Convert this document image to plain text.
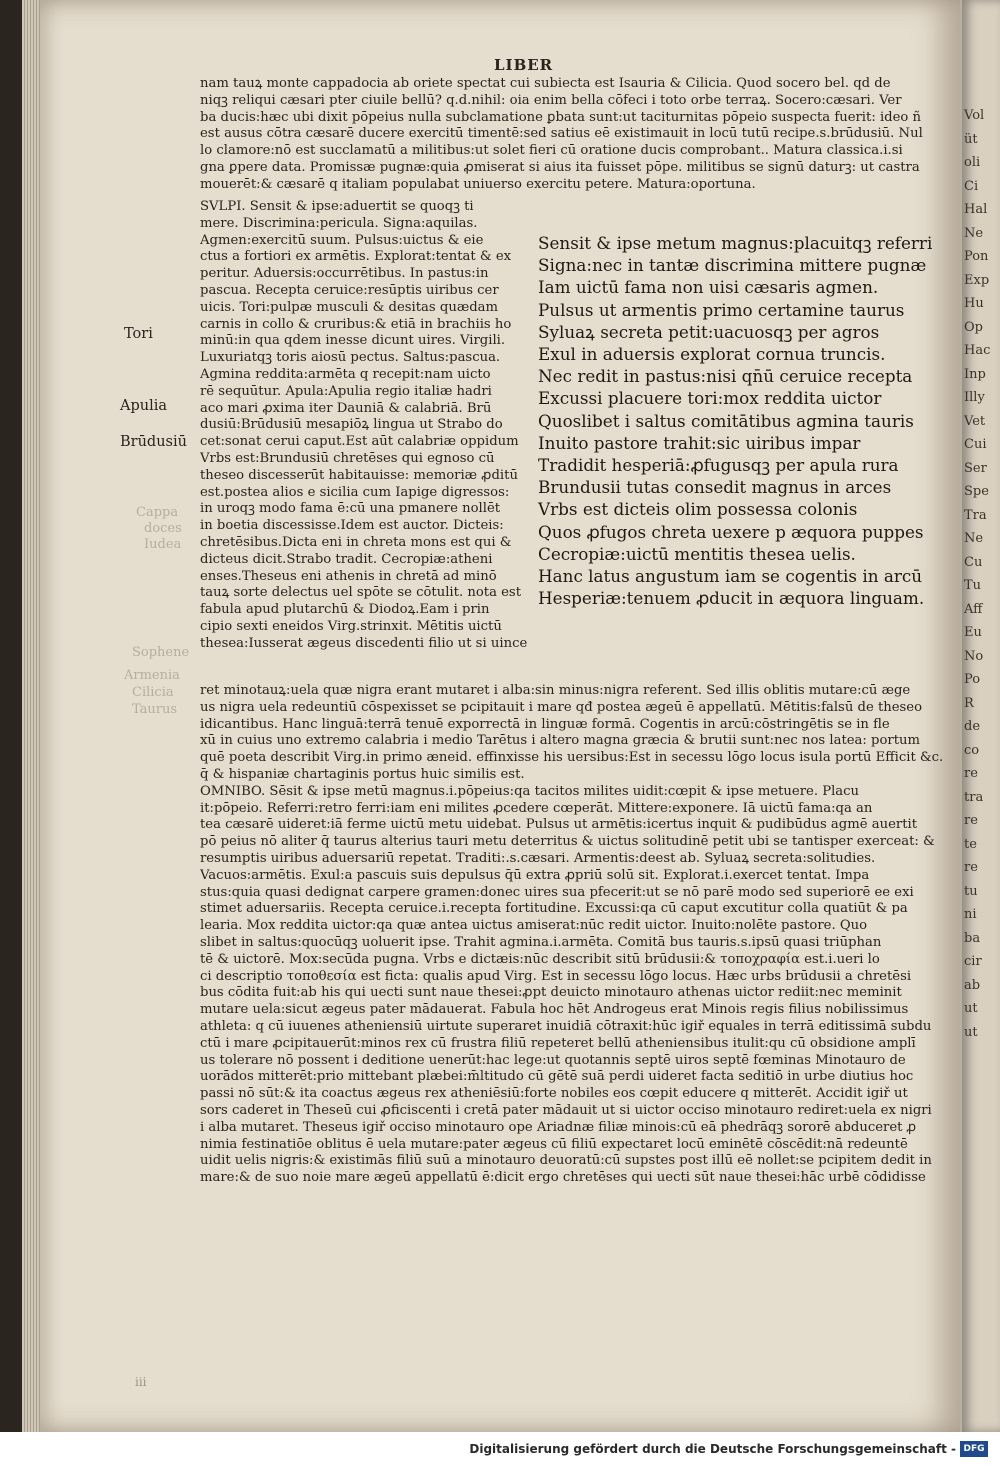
LIBER
nam tauꝝ monte cappadocia ab oriete spectat cui subiecta est Isauria & Cilicia. Quod socero bel. qd de
niqꝫ reliqui cæsari pter ciuile bellū? q.d.nihil: oia enim bella cōfeci i toto orbe terraꝝ. Socero:cæsari. Ver
ba ducis:hæc ubi dixit pōpeius nulla subclamatione ꝑbata sunt:ut taciturnitas pōpeio suspecta fuerit: ideo ñ
est ausus cōtra cæsarē ducere exercitū timentē:sed satius eē existimauit in locū tutū recipe.s.brūdusiū. Nul
lo clamore:nō est succlamatū a militibus:ut solet fieri cū oratione ducis comprobant.. Matura classica.i.si
gna ꝑpere data. Promissæ pugnæ:quia ꝓmiserat si aius ita fuisset pōpe. militibus se signū daturꝫ: ut castra
mouerēt:& cæsarē q italiam populabat uniuerso exercitu petere. Matura:oportuna.
SVLPI. Sensit & ipse:aduertit se quoqꝫ ti
mere. Discrimina:pericula. Signa:aquilas.
Agmen:exercitū suum. Pulsus:uictus & eie
ctus a fortiori ex armētis. Explorat:tentat & ex
peritur. Aduersis:occurrētibus. In pastus:in
pascua. Recepta ceruice:resūptis uiribus cer
uicis. Tori:pulpæ musculi & desitas quædam
carnis in collo & cruribus:& etiā in brachiis ho
minū:in qua qdem inesse dicunt uires. Virgili.
Luxuriatqꝫ toris aiosū pectus. Saltus:pascua.
Agmina reddita:armēta q recepit:nam uicto
rē sequūtur. Apula:Apulia regio italiæ hadri
aco mari ꝓxima iter Dauniā & calabriā. Brū
dusiū:Brūdusiū mesapiōꝝ lingua ut Strabo do
cet:sonat cerui caput.Est aūt calabriæ oppidum
Vrbs est:Brundusiū chretēses qui egnoso cū
theseo discesserūt habitauisse: memoriæ ꝓditū
est.postea alios e sicilia cum Iapige digressos:
in uroqꝫ modo fama ē:cū una pmanere nollēt
in boetia discessisse.Idem est auctor. Dicteis:
chretēsibus.Dicta eni in chreta mons est qui &
dicteus dicit.Strabo tradit. Cecropiæ:atheni
enses.Theseus eni athenis in chretā ad minō
tauꝝ sorte delectus uel spōte se cōtulit. nota est
fabula apud plutarchū & Diodoꝝ.Eam i prin
cipio sexti eneidos Virg.strinxit. Mētitis uictū
thesea:Iusserat ægeus discedenti filio ut si uince
ret minotauꝝ:uela quæ nigra erant mutaret i alba:sin minus:nigra referent. Sed illis oblitis mutare:cū æge
us nigra uela redeuntiū cōspexisset se pcipitauit i mare qđ postea ægeū ē appellatū. Mētitis:falsū de theseo
idicantibus. Hanc linguā:terrā tenuē exporrectā in linguæ formā. Cogentis in arcū:cōstringētis se in fle
xū in cuius uno extremo calabria i medio Tarētus i altero magna græcia & brutii sunt:nec nos latea: portum
quē poeta describit Virg.in primo æneid. effinxisse his uersibus:Est in secessu lōgo locus isula portū Efficit &c.
q̄ & hispaniæ chartaginis portus huic similis est.
OMNIBO. Sēsit & ipse metū magnus.i.pōpeius:qa tacitos milites uidit:cœpit & ipse metuere. Placu
it:pōpeio. Referri:retro ferri:iam eni milites ꝓcedere cœperāt. Mittere:exponere. Iā uictū fama:qa an
tea cæsarē uideret:iā ferme uictū metu uidebat. Pulsus ut armētis:icertus inquit & pudibūdus agmē auertit
pō peius nō aliter q̄ taurus alterius tauri metu deterritus & uictus solitudinē petit ubi se tantisper exerceat: &
resumptis uiribus aduersariū repetat. Traditi:.s.cæsari. Armentis:deest ab. Syluaꝝ secreta:solitudies.
Vacuos:armētis. Exul:a pascuis suis depulsus q̄ū extra ꝓpriū solū sit. Explorat.i.exercet tentat. Impa
stus:quia quasi dedignat carpere gramen:donec uires sua pfecerit:ut se nō parē modo sed superiorē ee exi
stimet aduersariis. Recepta ceruice.i.recepta fortitudine. Excussi:qa cū caput excutitur colla quatiūt & pa
learia. Mox reddita uictor:qa quæ antea uictus amiserat:nūc redit uictor. Inuito:nolēte pastore. Quo
slibet in saltus:quocūqꝫ uoluerit ipse. Trahit agmina.i.armēta. Comitā bus tauris.s.ipsū quasi triūphan
tē & uictorē. Mox:secūda pugna. Vrbs e dictæis:nūc describit sitū brūdusii:& τοποχραφία est.i.ueri lo
ci descriptio τοποθεσία est ficta: qualis apud Virg. Est in secessu lōgo locus. Hæc urbs brūdusii a chretēsi
bus cōdita fuit:ab his qui uecti sunt naue thesei:ꝓpt deuicto minotauro athenas uictor rediit:nec meminit
mutare uela:sicut ægeus pater mādauerat. Fabula hoc hēt Androgeus erat Minois regis filius nobilissimus
athleta: q cū iuuenes atheniensiū uirtute superaret inuidiā cōtraxit:hūc igiř equales in terrā editissimā subdu
ctū i mare ꝓcipitauerūt:minos rex cū frustra filiū repeteret bellū atheniensibus itulit:qu cū obsidione amplī
us tolerare nō possent i deditione uenerūt:hac lege:ut quotannis septē uiros septē fœminas Minotauro de
uorādos mitterēt:prio mittebant plæbei:m̄ltitudo cū gētē suā perdi uideret facta seditiō in urbe diutius hoc
passi nō sūt:& ita coactus ægeus rex atheniēsiū:forte nobiles eos cœpit educere q mitterēt. Accidit igiř ut
sors caderet in Theseū cui ꝓficiscenti i cretā pater mādauit ut si uictor occiso minotauro rediret:uela ex nigri
i alba mutaret. Theseus igiř occiso minotauro ope Ariadnæ filiæ minois:cū eā phedrāqꝫ sororē abduceret ꝓ
nimia festinatiōe oblitus ē uela mutare:pater ægeus cū filiū expectaret locū eminētē cōscēdit:nā redeuntē
uidit uelis nigris:& existimās filiū suū a minotauro deuoratū:cū supstes post illū eē nollet:se pcipitem dedit in
mare:& de suo noie mare ægeū appellatū ē:dicit ergo chretēses qui uecti sūt naue thesei:hāc urbē cōdidisse
Tori
Apulia
Brūdusiū
Cappa
doces
Iudea
Sophene
Armenia
Cilicia
Taurus
iii
Sensit & ipse metum magnus:placuitqꝫ referri
Signa:nec in tantæ discrimina mittere pugnæ
Iam uictū fama non uisi cæsaris agmen.
Pulsus ut armentis primo certamine taurus
Syluaꝝ secreta petit:uacuosqꝫ per agros
Exul in aduersis explorat cornua truncis.
Nec redit in pastus:nisi qn̄ū ceruice recepta
Excussi placuere tori:mox reddita uictor
Quoslibet i saltus comitātibus agmina tauris
Inuito pastore trahit:sic uiribus impar
Tradidit hesperiā:ꝓfugusqꝫ per apula rura
Brundusii tutas consedit magnus in arces
Vrbs est dicteis olim possessa colonis
Quos ꝓfugos chreta uexere p æquora puppes
Cecropiæ:uictū mentitis thesea uelis.
Hanc latus angustum iam se cogentis in arcū
Hesperiæ:tenuem ꝓducit in æquora linguam.
Vol
üt
oli
Ci
Hal
Ne
Pon
Exp
Hu
Op
Hac
Inp
Illy
Vet
Cui
Ser
Spe
Tra
Ne
Cu
Tu
Aff
Eu
No
Po
R
de
co
re
tra
re
te
re
tu
ni
ba
cir
ab
ut
ut
Digitalisierung gefördert durch die Deutsche Forschungsgemeinschaft - DFG
